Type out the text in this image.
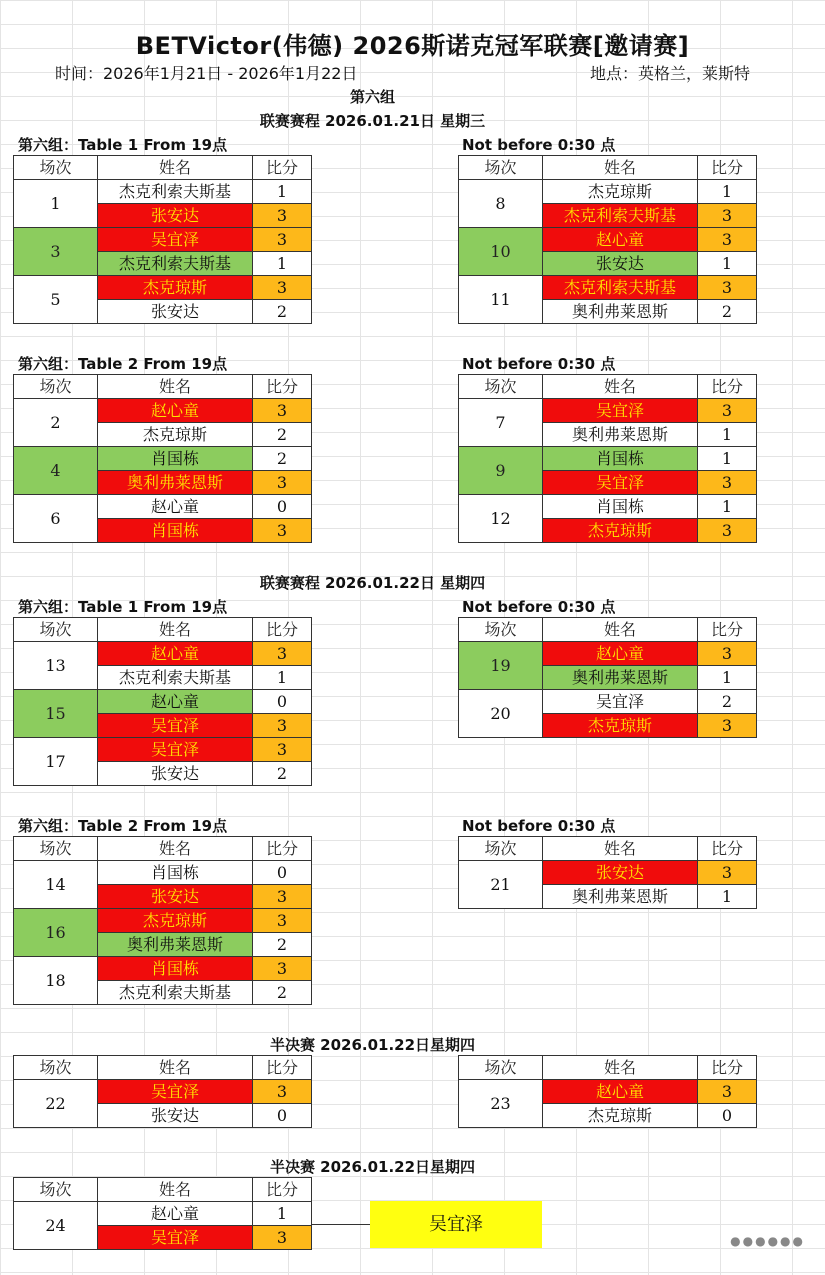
BETVictor(伟德) 2026斯诺克冠军联赛[邀请赛]
时间：2026年1月21日 - 2026年1月22日	地点：英格兰，莱斯特
第六组
联赛赛程 2026.01.21日 星期三
第六组：Table 1 From 19点	Not before 0:30 点
第六组：Table 2 From 19点	Not before 0:30 点
联赛赛程 2026.01.22日 星期四
第六组：Table 1 From 19点	Not before 0:30 点
第六组：Table 2 From 19点	Not before 0:30 点
半决赛 2026.01.22日星期四
半决赛 2026.01.22日星期四
场次	姓名	比分
1	杰克利索夫斯基	1
	张安达	3
3	吴宜泽	3
	杰克利索夫斯基	1
5	杰克琼斯	3
	张安达	2
场次	姓名	比分
8	杰克琼斯	1
	杰克利索夫斯基	3
10	赵心童	3
	张安达	1
11	杰克利索夫斯基	3
	奥利弗莱恩斯	2
场次	姓名	比分
2	赵心童	3
	杰克琼斯	2
4	肖国栋	2
	奥利弗莱恩斯	3
6	赵心童	0
	肖国栋	3
场次	姓名	比分
7	吴宜泽	3
	奥利弗莱恩斯	1
9	肖国栋	1
	吴宜泽	3
12	肖国栋	1
	杰克琼斯	3
场次	姓名	比分
13	赵心童	3
	杰克利索夫斯基	1
15	赵心童	0
	吴宜泽	3
17	吴宜泽	3
	张安达	2
场次	姓名	比分
19	赵心童	3
	奥利弗莱恩斯	1
20	吴宜泽	2
	杰克琼斯	3
场次	姓名	比分
14	肖国栋	0
	张安达	3
16	杰克琼斯	3
	奥利弗莱恩斯	2
18	肖国栋	3
	杰克利索夫斯基	2
场次	姓名	比分
21	张安达	3
	奥利弗莱恩斯	1
场次	姓名	比分
22	吴宜泽	3
	张安达	0
场次	姓名	比分
23	赵心童	3
	杰克琼斯	0
场次	姓名	比分
24	赵心童	1
	吴宜泽	3
吴宜泽
●●●●●●
